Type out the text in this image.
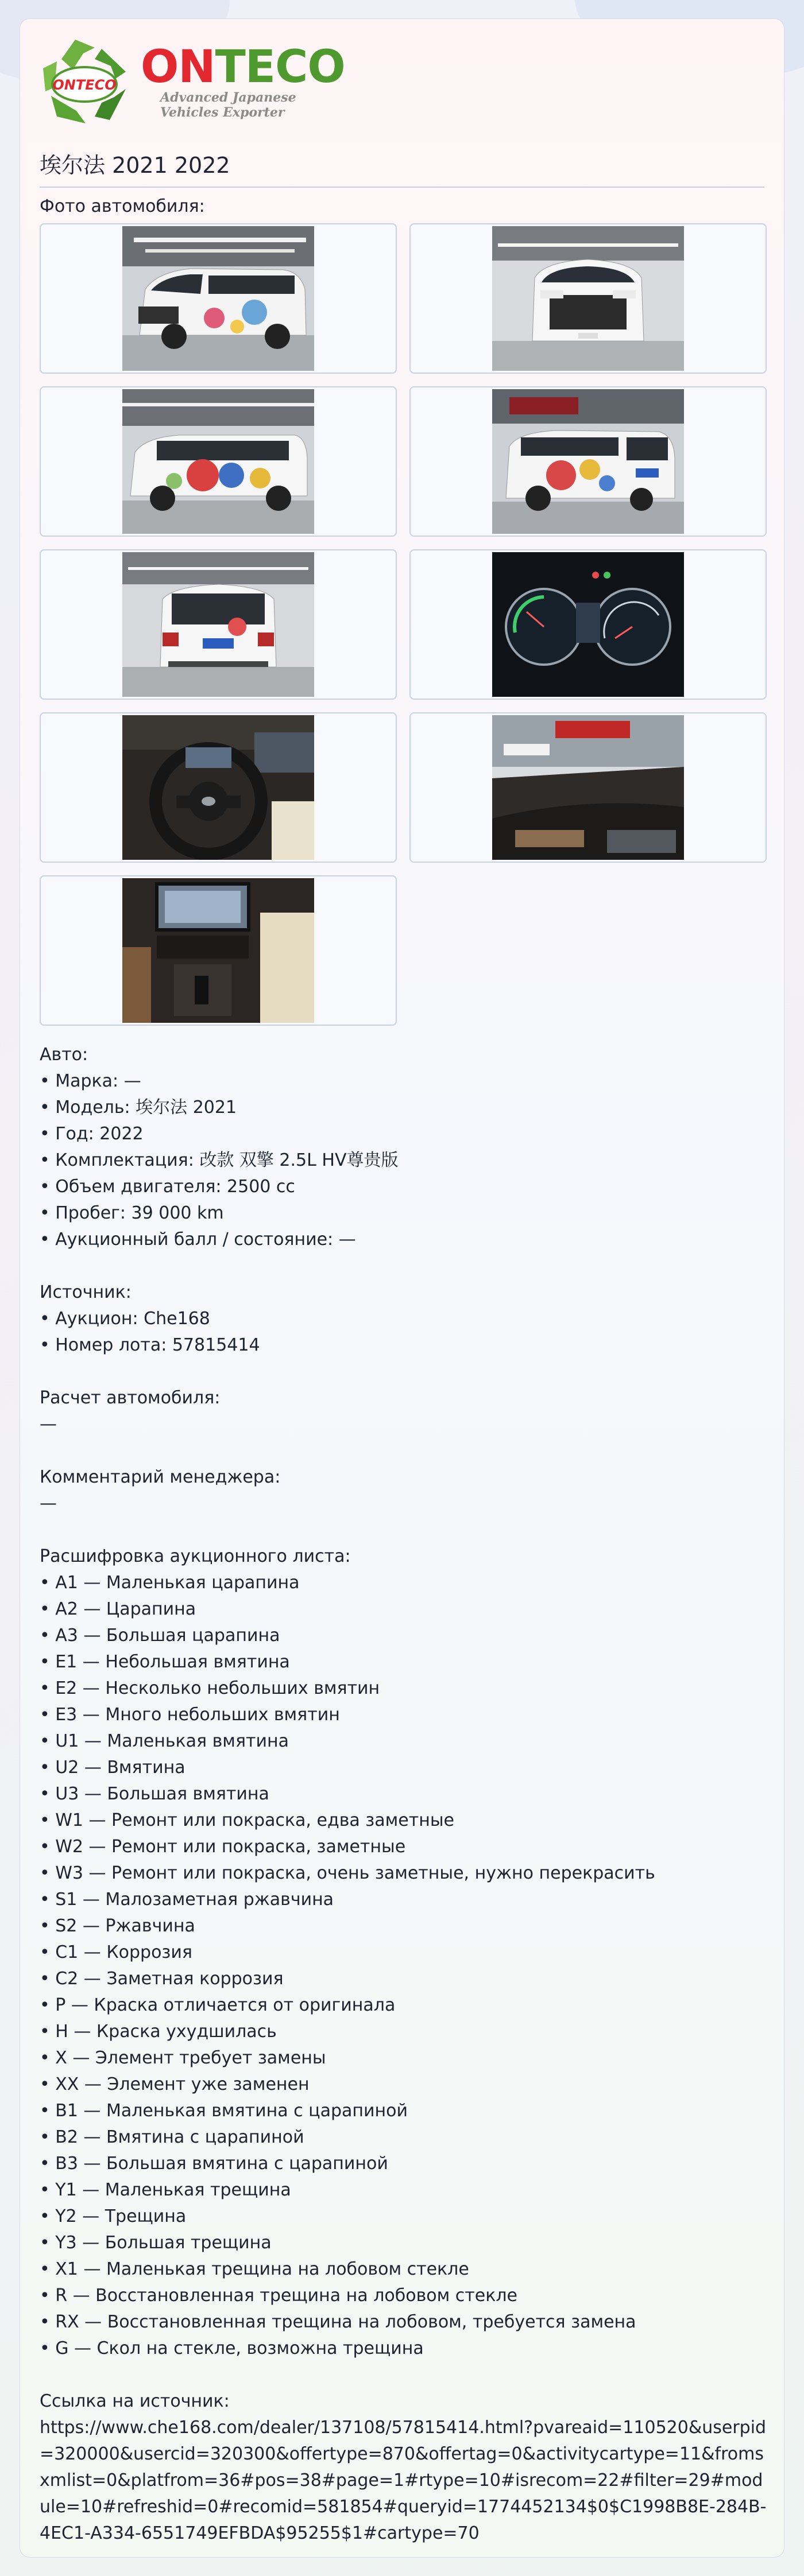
ONTECO ONTECO
Advanced Japanese
Vehicles Exporter
埃尔法 2021 2022
Фото автомобиля:
Авто:
• Марка: —
• Модель: 埃尔法 2021
• Год: 2022
• Комплектация: 改款 双擎 2.5L HV尊贵版
• Объем двигателя: 2500 cc
• Пробег: 39 000 km
• Аукционный балл / состояние: —
Источник:
• Аукцион: Che168
• Номер лота: 57815414
Расчет автомобиля:
—
Комментарий менеджера:
—
Расшифровка аукционного листа:
• A1 — Маленькая царапина
• A2 — Царапина
• A3 — Большая царапина
• E1 — Небольшая вмятина
• E2 — Несколько небольших вмятин
• E3 — Много небольших вмятин
• U1 — Маленькая вмятина
• U2 — Вмятина
• U3 — Большая вмятина
• W1 — Ремонт или покраска, едва заметные
• W2 — Ремонт или покраска, заметные
• W3 — Ремонт или покраска, очень заметные, нужно перекрасить
• S1 — Малозаметная ржавчина
• S2 — Ржавчина
• C1 — Коррозия
• C2 — Заметная коррозия
• P — Краска отличается от оригинала
• H — Краска ухудшилась
• X — Элемент требует замены
• XX — Элемент уже заменен
• B1 — Маленькая вмятина с царапиной
• B2 — Вмятина с царапиной
• B3 — Большая вмятина с царапиной
• Y1 — Маленькая трещина
• Y2 — Трещина
• Y3 — Большая трещина
• X1 — Маленькая трещина на лобовом стекле
• R — Восстановленная трещина на лобовом стекле
• RX — Восстановленная трещина на лобовом, требуется замена
• G — Скол на стекле, возможна трещина
Ссылка на источник:
https://www.che168.com/dealer/137108/57815414.html?pvareaid=110520&userpid=320000&usercid=320300&offertype=870&offertag=0&activitycartype=11&fromsxmlist=0&platfrom=36#pos=38#page=1#rtype=10#isrecom=22#filter=29#module=10#refreshid=0#recomid=581854#queryid=1774452134$0$C1998B8E-284B-4EC1-A334-6551749EFBDA$95255$1#cartype=70
